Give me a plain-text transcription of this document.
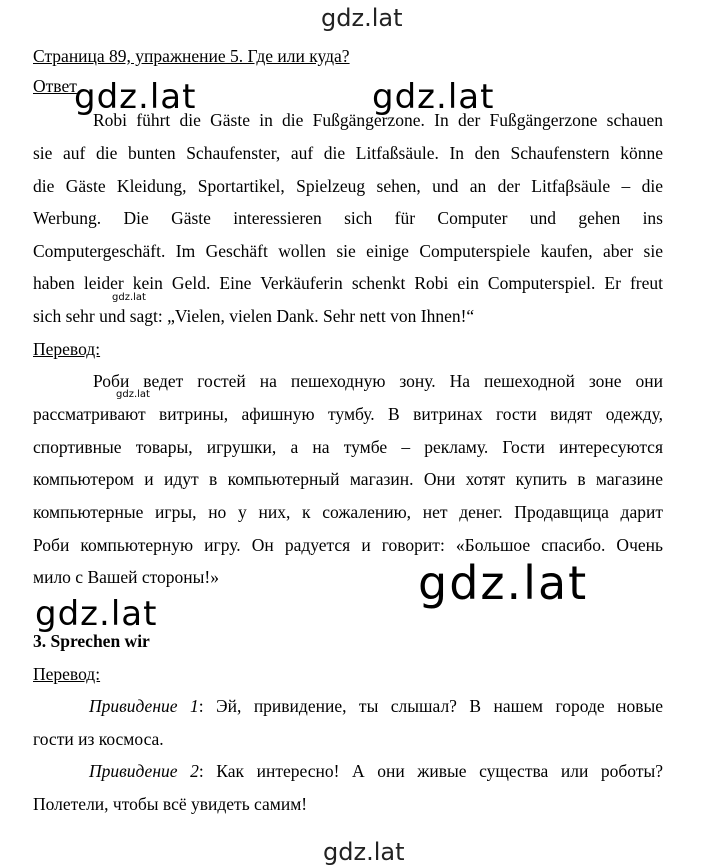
gdz.lat
Страница 89, упражнение 5. Где или куда?
Ответ
gdz.lat	gdz.lat
Robi führt die Gäste in die Fußgängerzone. In der Fußgängerzone schauen
sie auf die bunten Schaufenster, auf die Litfaßsäule. In den Schaufenstern könne
die Gäste Kleidung, Sportartikel, Spielzeug sehen, und an der Litfaβsäule – die
Werbung. Die Gäste interessieren sich für Computer und gehen ins
Computergeschäft. Im Geschäft wollen sie einige Computerspiele kaufen, aber sie
haben leider kein Geld. Eine Verkäuferin schenkt Robi ein Computerspiel. Er freut
sich sehr und sagt: „Vielen, vielen Dank. Sehr nett von Ihnen!“
gdz.lat
Перевод:
Роби ведет гостей на пешеходную зону. На пешеходной зоне они
gdz.lat
рассматривают витрины, афишную тумбу. В витринах гости видят одежду,
спортивные товары, игрушки, а на тумбе – рекламу. Гости интересуются
компьютером и идут в компьютерный магазин. Они хотят купить в магазине
компьютерные игры, но у них, к сожалению, нет денег. Продавщица дарит
Роби компьютерную игру. Он радуется и говорит: «Большое спасибо. Очень
мило с Вашей стороны!»	gdz.lat
gdz.lat
3. Sprechen wir
Перевод:
Привидение 1: Эй, привидение, ты слышал? В нашем городе новые
гости из космоса.
Привидение 2: Как интересно! А они живые существа или роботы?
Полетели, чтобы всё увидеть самим!
gdz.lat
